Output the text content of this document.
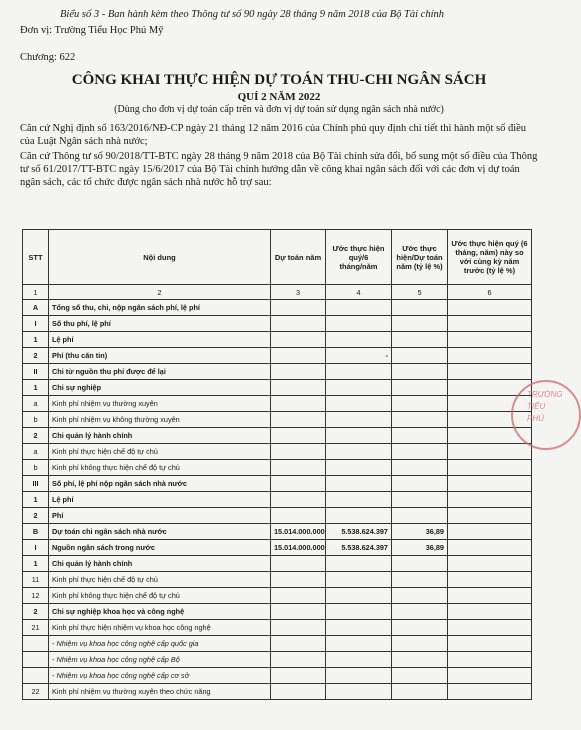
Biểu số 3 - Ban hành kèm theo Thông tư số 90 ngày 28 tháng 9 năm 2018 của Bộ Tài chính
Đơn vị: Trường Tiểu Học Phú Mỹ
Chương: 622
CÔNG KHAI THỰC HIỆN DỰ TOÁN THU-CHI NGÂN SÁCH
QUÍ 2 NĂM 2022
(Dùng cho đơn vị dự toán cấp trên và đơn vị dự toán sử dụng ngân sách nhà nước)
Căn cứ Nghị định số 163/2016/NĐ-CP ngày 21 tháng 12 năm 2016 của Chính phủ quy định chi tiết thi hành một số điều của Luật Ngân sách nhà nước;
Căn cứ Thông tư số 90/2018/TT-BTC ngày 28 tháng 9 năm 2018 của Bộ Tài chính sửa đổi, bổ sung một số điều của Thông tư số 61/2017/TT-BTC ngày 15/6/2017 của Bộ Tài chính hướng dẫn về công khai ngân sách đối với các đơn vị dự toán ngân sách, các tổ chức được ngân sách nhà nước hỗ trợ sau:
STT	Nội dung	Dự toán năm	Ước thực hiện quý/6 tháng/năm	Ước thực hiện/Dự toán năm (tỷ lệ %)	Ước thực hiện quý (6 tháng, năm) này so với cùng kỳ năm trước (tỷ lệ %)
1	2	3	4	5	6
A	Tổng số thu, chi, nộp ngân sách phí, lệ phí				
I	Số thu phí, lệ phí				
1	Lệ phí				
2	Phí (thu căn tin)		-		
II	Chi từ nguồn thu phí được để lại				
1	Chi sự nghiệp				
a	Kinh phí nhiệm vụ thường xuyên				
b	Kinh phí nhiệm vụ không thường xuyên				
2	Chi quản lý hành chính				
a	Kinh phí thực hiện chế độ tự chủ				
b	Kinh phí không thực hiện chế độ tự chủ				
III	Số phí, lệ phí nộp ngân sách nhà nước				
1	Lệ phí				
2	Phí				
B	Dự toán chi ngân sách nhà nước	15.014.000.000	5.538.624.397	36,89	
I	Nguồn ngân sách trong nước	15.014.000.000	5.538.624.397	36,89	
1	Chi quản lý hành chính				
11	Kinh phí thực hiện chế độ tự chủ				
12	Kinh phí không thực hiện chế độ tự chủ				
2	Chi sự nghiệp khoa học và công nghệ				
21	Kinh phí thực hiện nhiệm vụ khoa học công nghệ				
	- Nhiệm vụ khoa học công nghệ cấp quốc gia				
	- Nhiệm vụ khoa học công nghệ cấp Bộ				
	- Nhiệm vụ khoa học công nghệ cấp cơ sở				
22	Kinh phí nhiệm vụ thường xuyên theo chức năng				
TRƯỜNG
TIỂU
PHÚ
